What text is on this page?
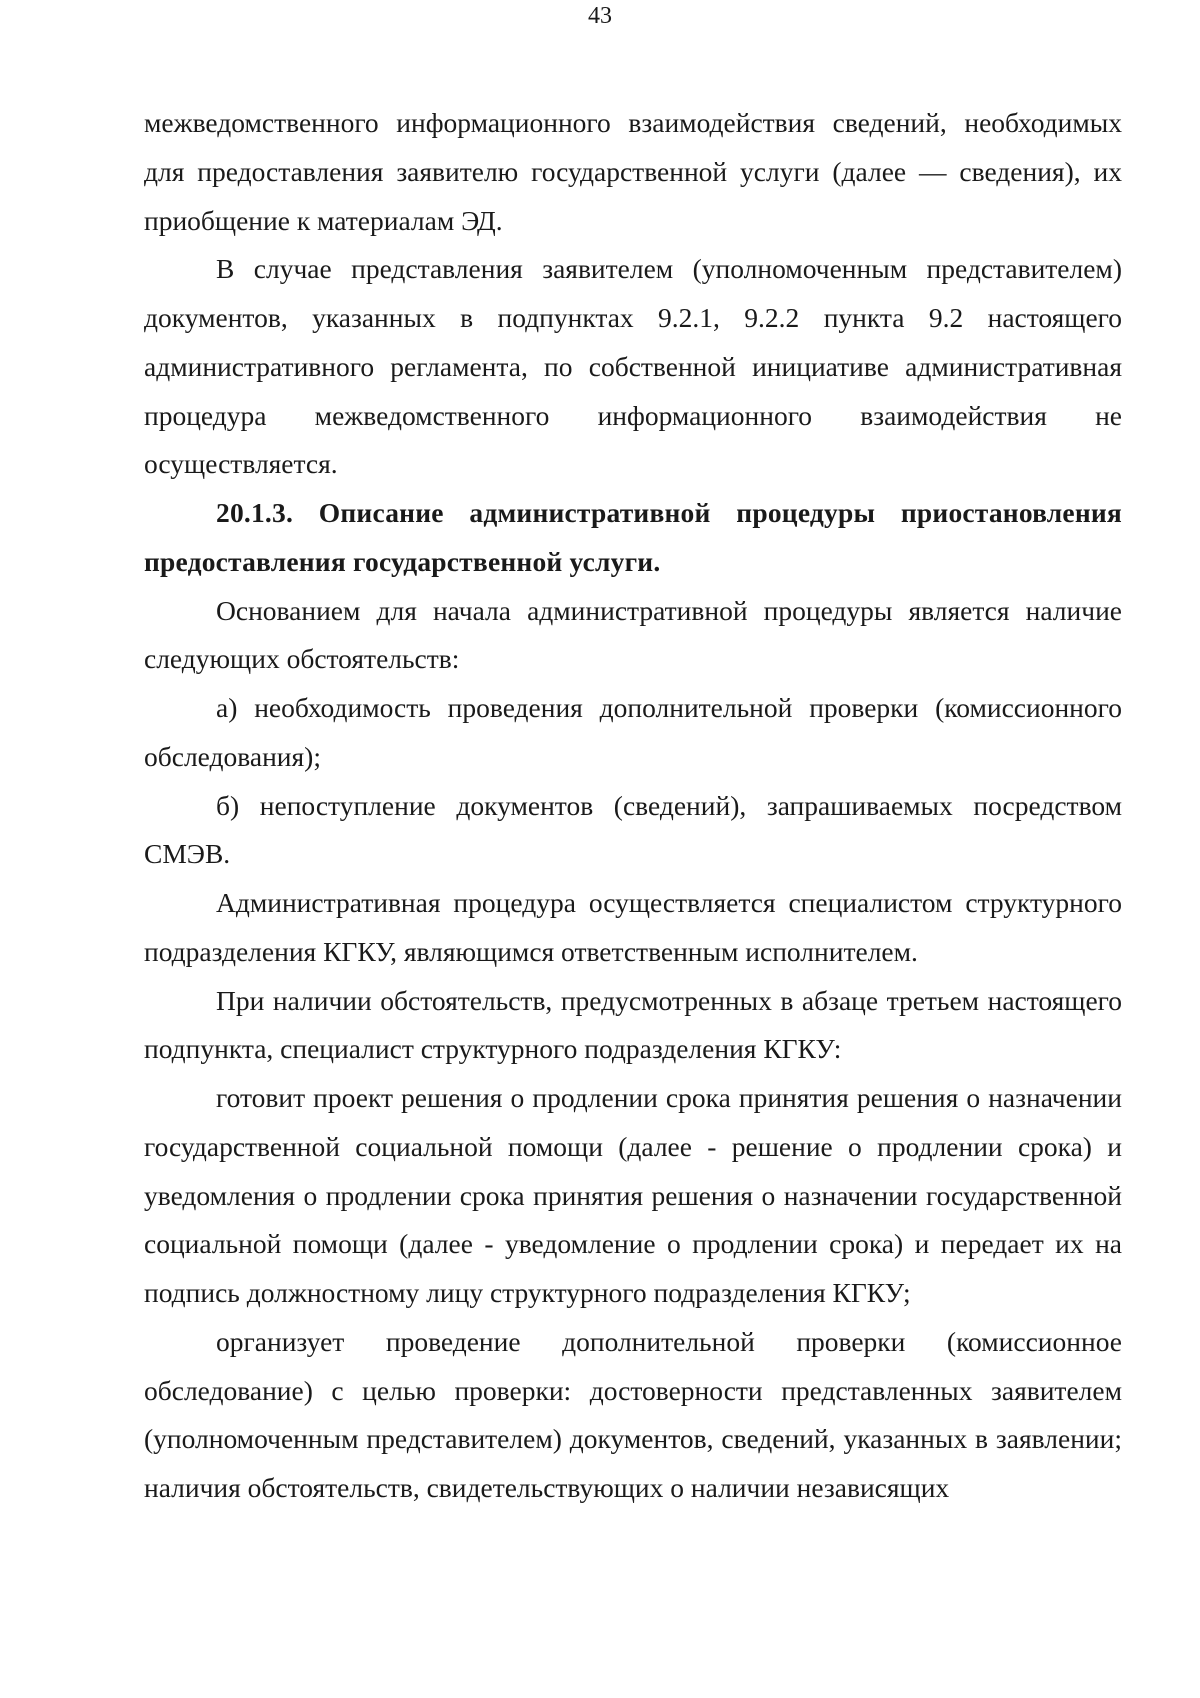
43

межведомственного информационного взаимодействия сведений, необходимых для предоставления заявителю государственной услуги (далее — сведения), их приобщение к материалам ЭД.

В случае представления заявителем (уполномоченным представителем) документов, указанных в подпунктах 9.2.1, 9.2.2 пункта 9.2 настоящего административного регламента, по собственной инициативе административная процедура межведомственного информационного взаимодействия не осуществляется.

20.1.3. Описание административной процедуры приостановления предоставления государственной услуги.

Основанием для начала административной процедуры является наличие следующих обстоятельств:

а) необходимость проведения дополнительной проверки (комиссионного обследования);

б) непоступление документов (сведений), запрашиваемых посредством СМЭВ.

Административная процедура осуществляется специалистом структурного подразделения КГКУ, являющимся ответственным исполнителем.

При наличии обстоятельств, предусмотренных в абзаце третьем настоящего подпункта, специалист структурного подразделения КГКУ:

готовит проект решения о продлении срока принятия решения о назначении государственной социальной помощи (далее - решение о продлении срока) и уведомления о продлении срока принятия решения о назначении государственной социальной помощи (далее - уведомление о продлении срока) и передает их на подпись должностному лицу структурного подразделения КГКУ;

организует проведение дополнительной проверки (комиссионное обследование) с целью проверки: достоверности представленных заявителем (уполномоченным представителем) документов, сведений, указанных в заявлении; наличия обстоятельств, свидетельствующих о наличии независящих
